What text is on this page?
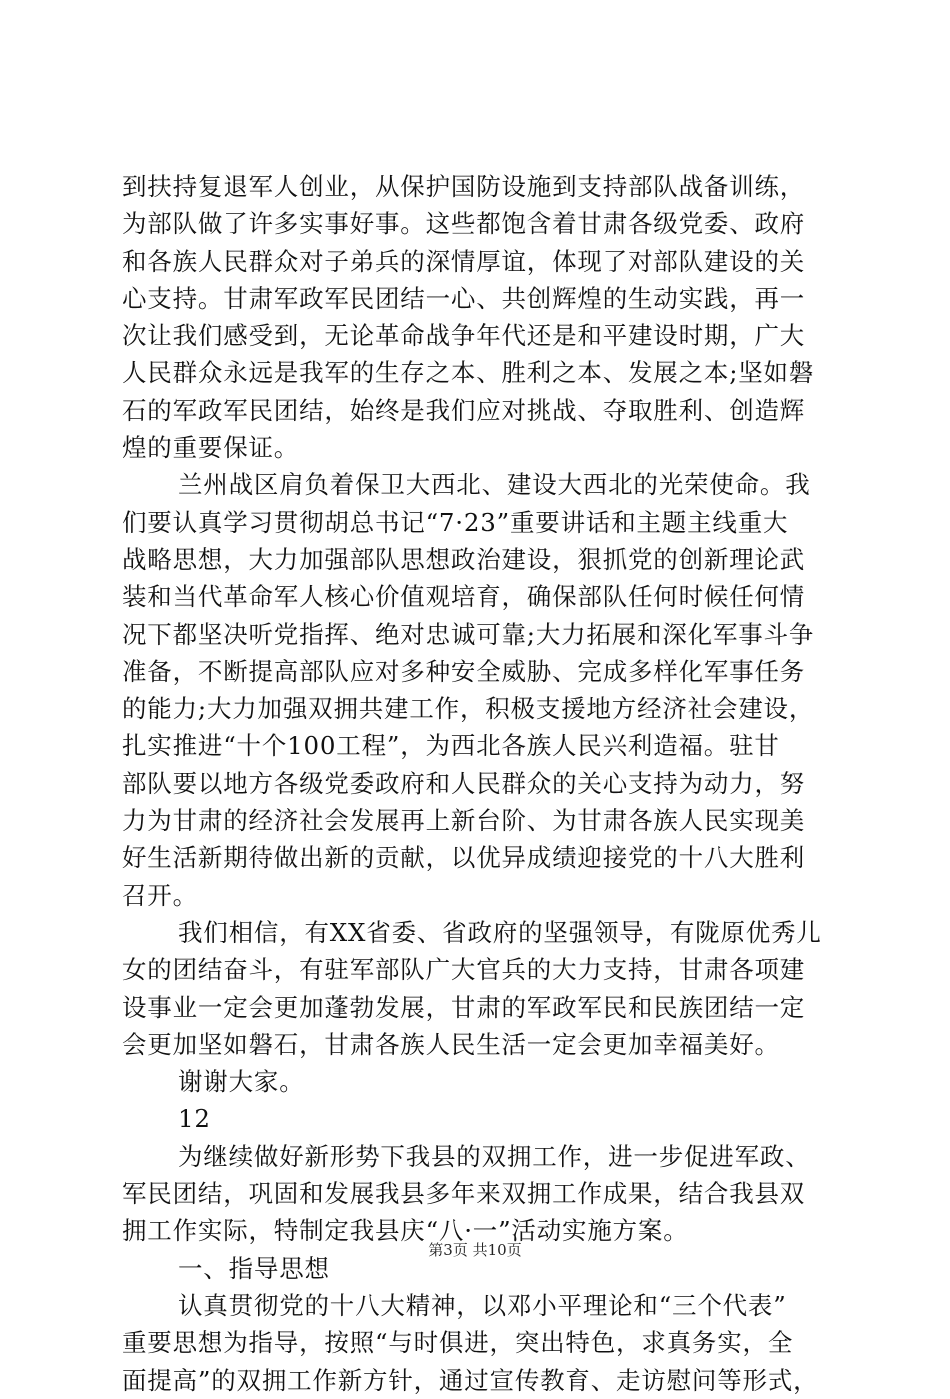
到扶持复退军人创业，从保护国防设施到支持部队战备训练，
为部队做了许多实事好事。这些都饱含着甘肃各级党委、政府
和各族人民群众对子弟兵的深情厚谊，体现了对部队建设的关
心支持。甘肃军政军民团结一心、共创辉煌的生动实践，再一
次让我们感受到，无论革命战争年代还是和平建设时期，广大
人民群众永远是我军的生存之本、胜利之本、发展之本;坚如磐
石的军政军民团结，始终是我们应对挑战、夺取胜利、创造辉
煌的重要保证。

兰州战区肩负着保卫大西北、建设大西北的光荣使命。我
们要认真学习贯彻胡总书记“7·23”重要讲话和主题主线重大
战略思想，大力加强部队思想政治建设，狠抓党的创新理论武
装和当代革命军人核心价值观培育，确保部队任何时候任何情
况下都坚决听党指挥、绝对忠诚可靠;大力拓展和深化军事斗争
准备，不断提高部队应对多种安全威胁、完成多样化军事任务
的能力;大力加强双拥共建工作，积极支援地方经济社会建设，
扎实推进“十个100工程”，为西北各族人民兴利造福。驻甘
部队要以地方各级党委政府和人民群众的关心支持为动力，努
力为甘肃的经济社会发展再上新台阶、为甘肃各族人民实现美
好生活新期待做出新的贡献，以优异成绩迎接党的十八大胜利
召开。

我们相信，有XX省委、省政府的坚强领导，有陇原优秀儿
女的团结奋斗，有驻军部队广大官兵的大力支持，甘肃各项建
设事业一定会更加蓬勃发展，甘肃的军政军民和民族团结一定
会更加坚如磐石，甘肃各族人民生活一定会更加幸福美好。

谢谢大家。

12

为继续做好新形势下我县的双拥工作，进一步促进军政、
军民团结，巩固和发展我县多年来双拥工作成果，结合我县双
拥工作实际，特制定我县庆“八·一”活动实施方案。

一、指导思想

认真贯彻党的十八大精神，以邓小平理论和“三个代表”
重要思想为指导，按照“与时俱进，突出特色，求真务实，全
面提高”的双拥工作新方针，通过宣传教育、走访慰问等形式，

第3页 共10页
